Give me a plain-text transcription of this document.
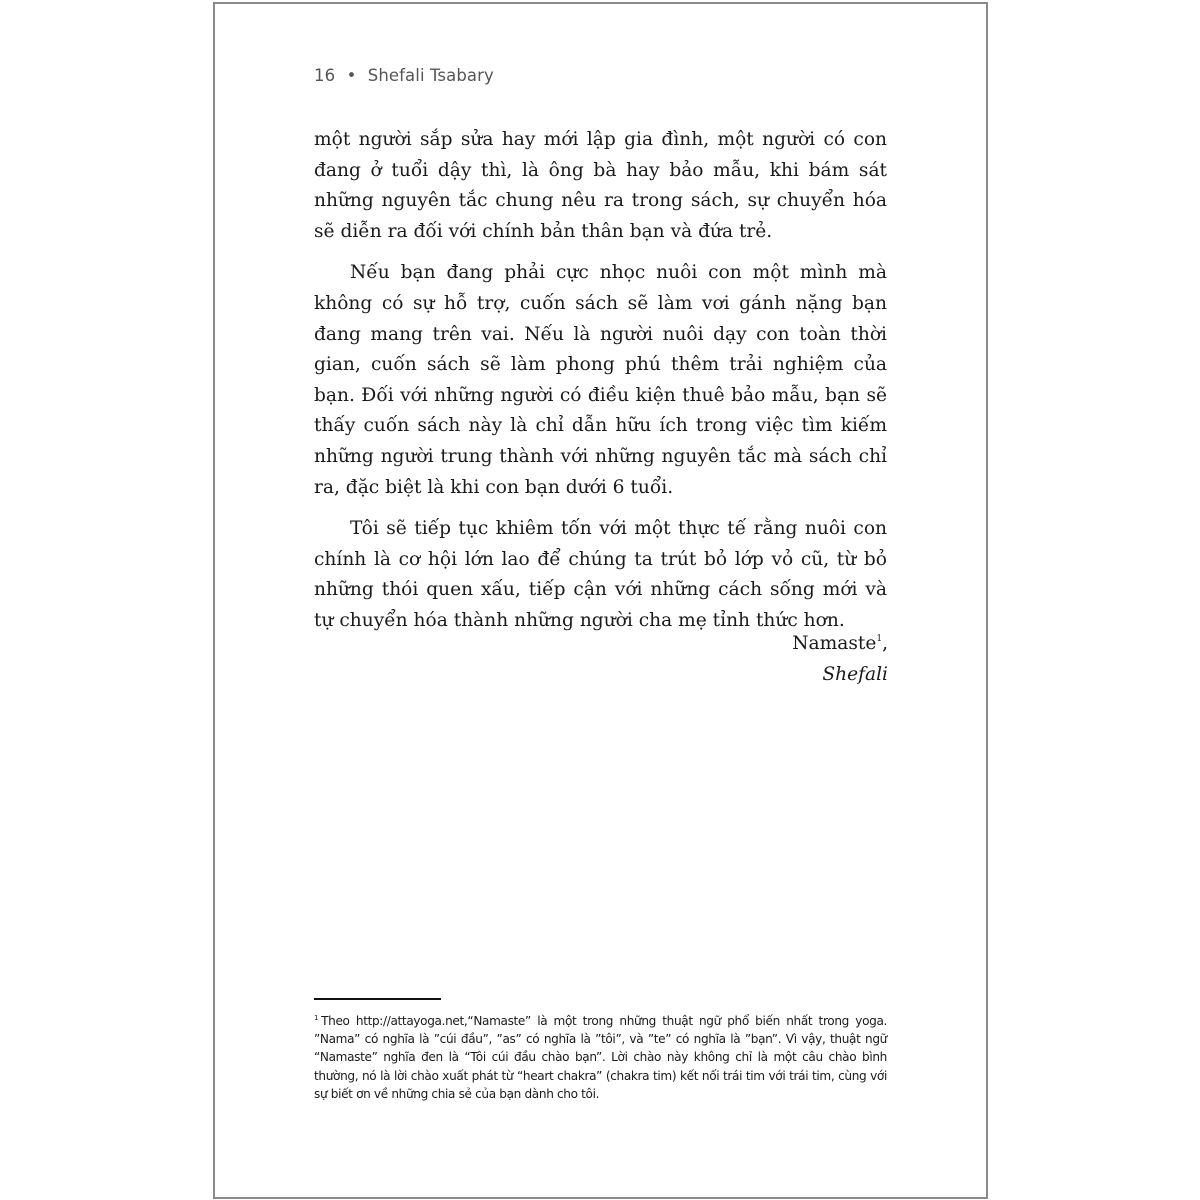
16 • Shefali Tsabary

một người sắp sửa hay mới lập gia đình, một người có con đang ở tuổi dậy thì, là ông bà hay bảo mẫu, khi bám sát những nguyên tắc chung nêu ra trong sách, sự chuyển hóa sẽ diễn ra đối với chính bản thân bạn và đứa trẻ.

Nếu bạn đang phải cực nhọc nuôi con một mình mà không có sự hỗ trợ, cuốn sách sẽ làm vơi gánh nặng bạn đang mang trên vai. Nếu là người nuôi dạy con toàn thời gian, cuốn sách sẽ làm phong phú thêm trải nghiệm của bạn. Đối với những người có điều kiện thuê bảo mẫu, bạn sẽ thấy cuốn sách này là chỉ dẫn hữu ích trong việc tìm kiếm những người trung thành với những nguyên tắc mà sách chỉ ra, đặc biệt là khi con bạn dưới 6 tuổi.

Tôi sẽ tiếp tục khiêm tốn với một thực tế rằng nuôi con chính là cơ hội lớn lao để chúng ta trút bỏ lớp vỏ cũ, từ bỏ những thói quen xấu, tiếp cận với những cách sống mới và tự chuyển hóa thành những người cha mẹ tỉnh thức hơn.

Namaste$^1$,
Shefali
$^1$ Theo http://attayoga.net,“Namaste” là một trong những thuật ngữ phổ biến nhất trong yoga. ”Nama” có nghĩa là ”cúi đầu”, ”as” có nghĩa là ”tôi”, và ”te” có nghĩa là ”bạn”. Vì vậy, thuật ngữ “Namaste” nghĩa đen là “Tôi cúi đầu chào bạn”. Lời chào này không chỉ là một câu chào bình thường, nó là lời chào xuất phát từ “heart chakra” (chakra tim) kết nối trái tim với trái tim, cùng với sự biết ơn về những chia sẻ của bạn dành cho tôi.
